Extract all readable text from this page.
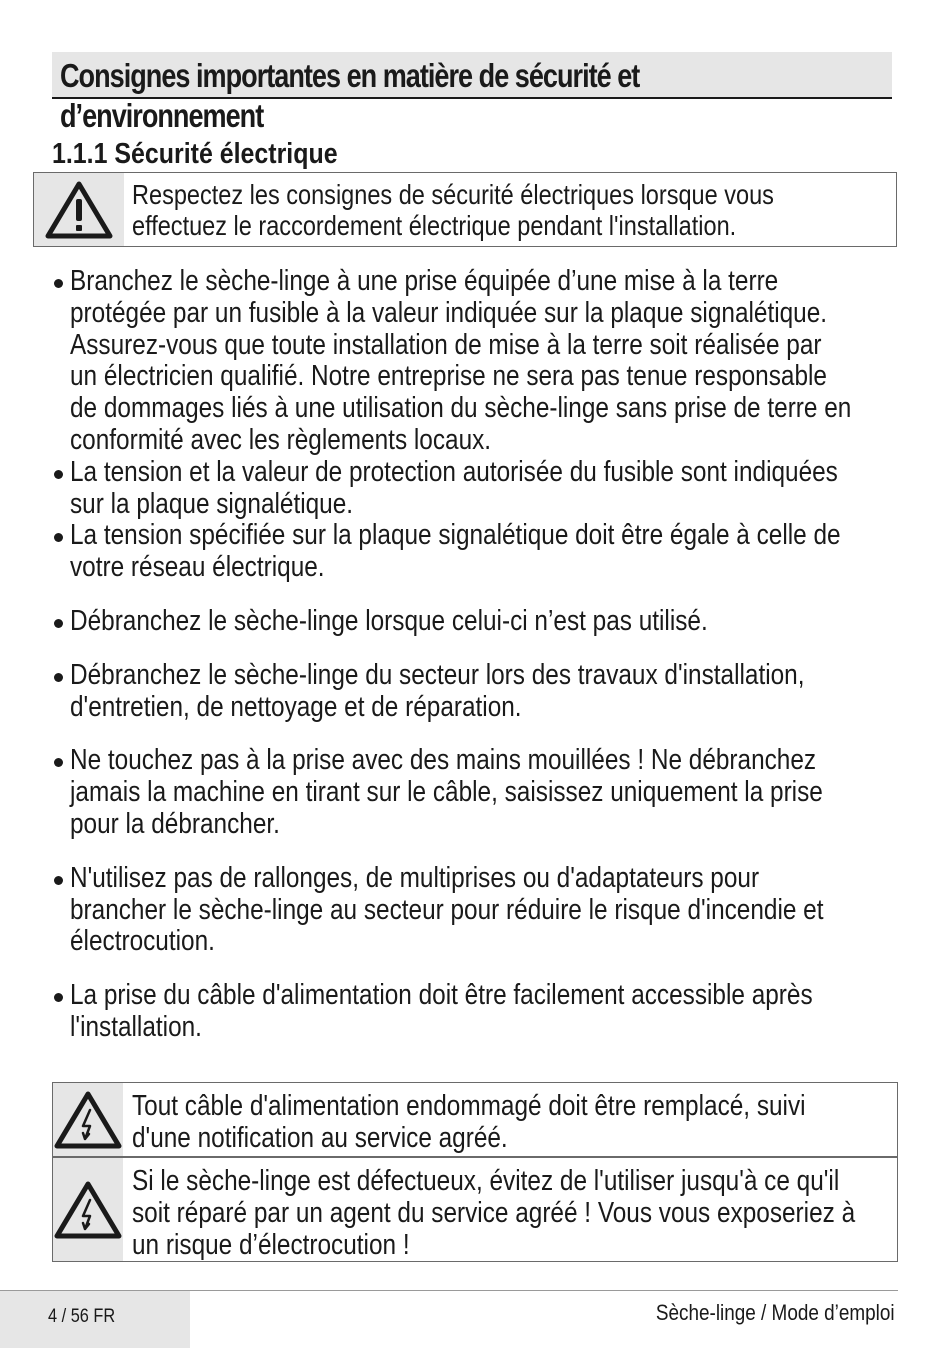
Consignes importantes en matière de sécurité et
d’environnement
1.1.1 Sécurité électrique
Respectez les consignes de sécurité électriques lorsque vous
effectuez le raccordement électrique pendant l'installation.
Branchez le sèche-linge à une prise équipée d’une mise à la terre
protégée par un fusible à la valeur indiquée sur la plaque signalétique.
Assurez-vous que toute installation de mise à la terre soit réalisée par
un électricien qualifié. Notre entreprise ne sera pas tenue responsable
de dommages liés à une utilisation du sèche-linge sans prise de terre en
conformité avec les règlements locaux.
La tension et la valeur de protection autorisée du fusible sont indiquées
sur la plaque signalétique.
La tension spécifiée sur la plaque signalétique doit être égale à celle de
votre réseau électrique.
Débranchez le sèche-linge lorsque celui-ci n’est pas utilisé.
Débranchez le sèche-linge du secteur lors des travaux d'installation,
d'entretien, de nettoyage et de réparation.
Ne touchez pas à la prise avec des mains mouillées ! Ne débranchez
jamais la machine en tirant sur le câble, saisissez uniquement la prise
pour la débrancher.
N'utilisez pas de rallonges, de multiprises ou d'adaptateurs pour
brancher le sèche-linge au secteur pour réduire le risque d'incendie et
électrocution.
La prise du câble d'alimentation doit être facilement accessible après
l'installation.
Tout câble d'alimentation endommagé doit être remplacé, suivi
d'une notification au service agréé.
Si le sèche-linge est défectueux, évitez de l'utiliser jusqu'à ce qu'il
soit réparé par un agent du service agréé ! Vous vous exposeriez à
un risque d’électrocution !
4 / 56 FR	Sèche-linge / Mode d’emploi
